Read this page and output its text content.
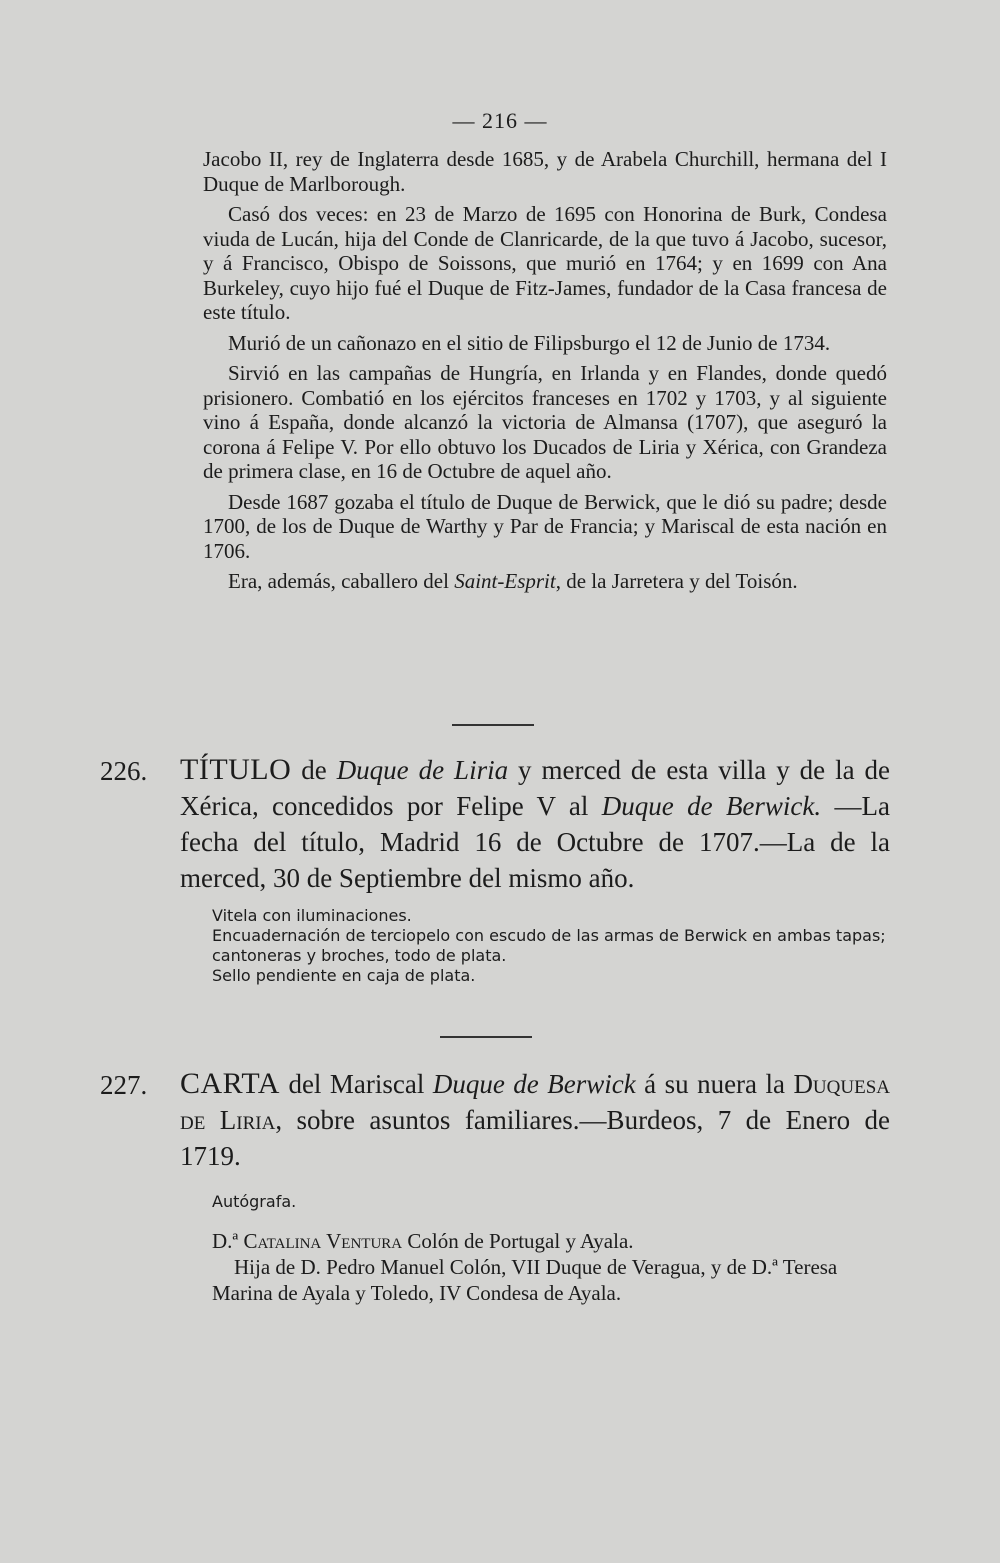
— 216 —

Jacobo II, rey de Inglaterra desde 1685, y de Arabela Churchill, hermana del I Duque de Marlborough.

Casó dos veces: en 23 de Marzo de 1695 con Honorina de Burk, Condesa viuda de Lucán, hija del Conde de Clanricarde, de la que tuvo á Jacobo, sucesor, y á Francisco, Obispo de Soissons, que murió en 1764; y en 1699 con Ana Burkeley, cuyo hijo fué el Duque de Fitz-James, fundador de la Casa francesa de este título.

Murió de un cañonazo en el sitio de Filipsburgo el 12 de Junio de 1734.

Sirvió en las campañas de Hungría, en Irlanda y en Flandes, donde quedó prisionero. Combatió en los ejércitos franceses en 1702 y 1703, y al siguiente vino á España, donde alcanzó la victoria de Almansa (1707), que aseguró la corona á Felipe V. Por ello obtuvo los Ducados de Liria y Xérica, con Grandeza de primera clase, en 16 de Octubre de aquel año.

Desde 1687 gozaba el título de Duque de Berwick, que le dió su padre; desde 1700, de los de Duque de Warthy y Par de Francia; y Mariscal de esta nación en 1706.

Era, además, caballero del Saint-Esprit, de la Jarretera y del Toisón.

226.	TÍTULO de Duque de Liria y merced de esta villa y de la de Xérica, concedidos por Felipe V al Duque de Berwick. —La fecha del título, Madrid 16 de Octubre de 1707.—La de la merced, 30 de Septiembre del mismo año.

Vitela con iluminaciones.

Encuadernación de terciopelo con escudo de las armas de Berwick en ambas tapas; cantoneras y broches, todo de plata.

Sello pendiente en caja de plata.

227.	CARTA del Mariscal Duque de Berwick á su nuera la Duquesa de Liria, sobre asuntos familiares.—Burdeos, 7 de Enero de 1719.

Autógrafa.

D.ª Catalina Ventura Colón de Portugal y Ayala.

Hija de D. Pedro Manuel Colón, VII Duque de Veragua, y de D.ª Teresa Marina de Ayala y Toledo, IV Condesa de Ayala.
